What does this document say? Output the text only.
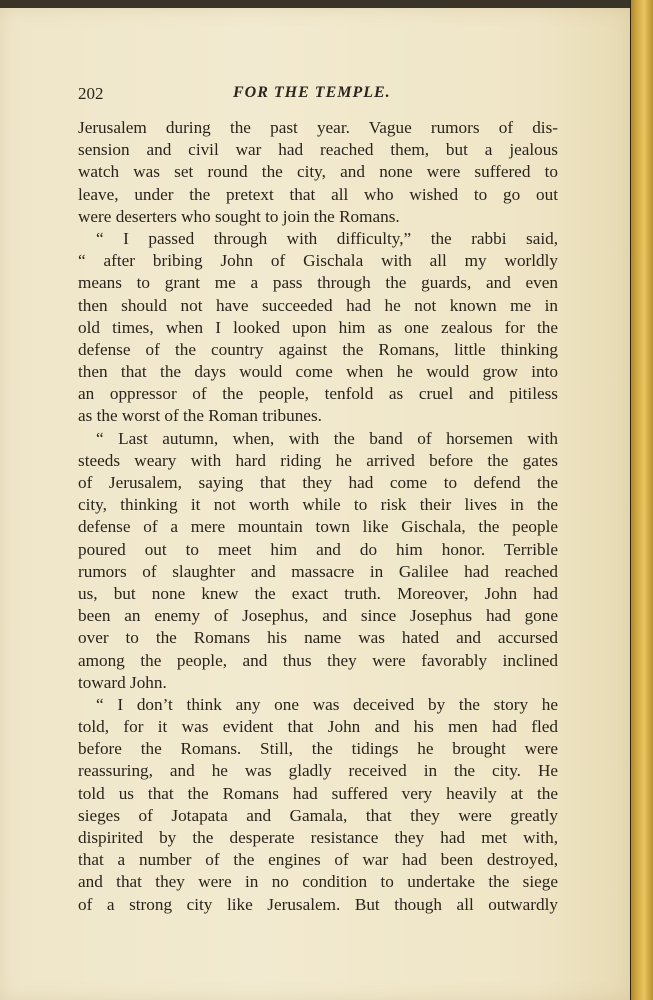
202	FOR THE TEMPLE.
Jerusalem during the past year. Vague rumors of dis-
sension and civil war had reached them, but a jealous
watch was set round the city, and none were suffered to
leave, under the pretext that all who wished to go out
were deserters who sought to join the Romans.
“ I passed through with difficulty,” the rabbi said,
“ after bribing John of Gischala with all my worldly
means to grant me a pass through the guards, and even
then should not have succeeded had he not known me in
old times, when I looked upon him as one zealous for the
defense of the country against the Romans, little thinking
then that the days would come when he would grow into
an oppressor of the people, tenfold as cruel and pitiless
as the worst of the Roman tribunes.
“ Last autumn, when, with the band of horsemen with
steeds weary with hard riding he arrived before the gates
of Jerusalem, saying that they had come to defend the
city, thinking it not worth while to risk their lives in the
defense of a mere mountain town like Gischala, the people
poured out to meet him and do him honor. Terrible
rumors of slaughter and massacre in Galilee had reached
us, but none knew the exact truth. Moreover, John had
been an enemy of Josephus, and since Josephus had gone
over to the Romans his name was hated and accursed
among the people, and thus they were favorably inclined
toward John.
“ I don’t think any one was deceived by the story he
told, for it was evident that John and his men had fled
before the Romans. Still, the tidings he brought were
reassuring, and he was gladly received in the city. He
told us that the Romans had suffered very heavily at the
sieges of Jotapata and Gamala, that they were greatly
dispirited by the desperate resistance they had met with,
that a number of the engines of war had been destroyed,
and that they were in no condition to undertake the siege
of a strong city like Jerusalem. But though all outwardly
